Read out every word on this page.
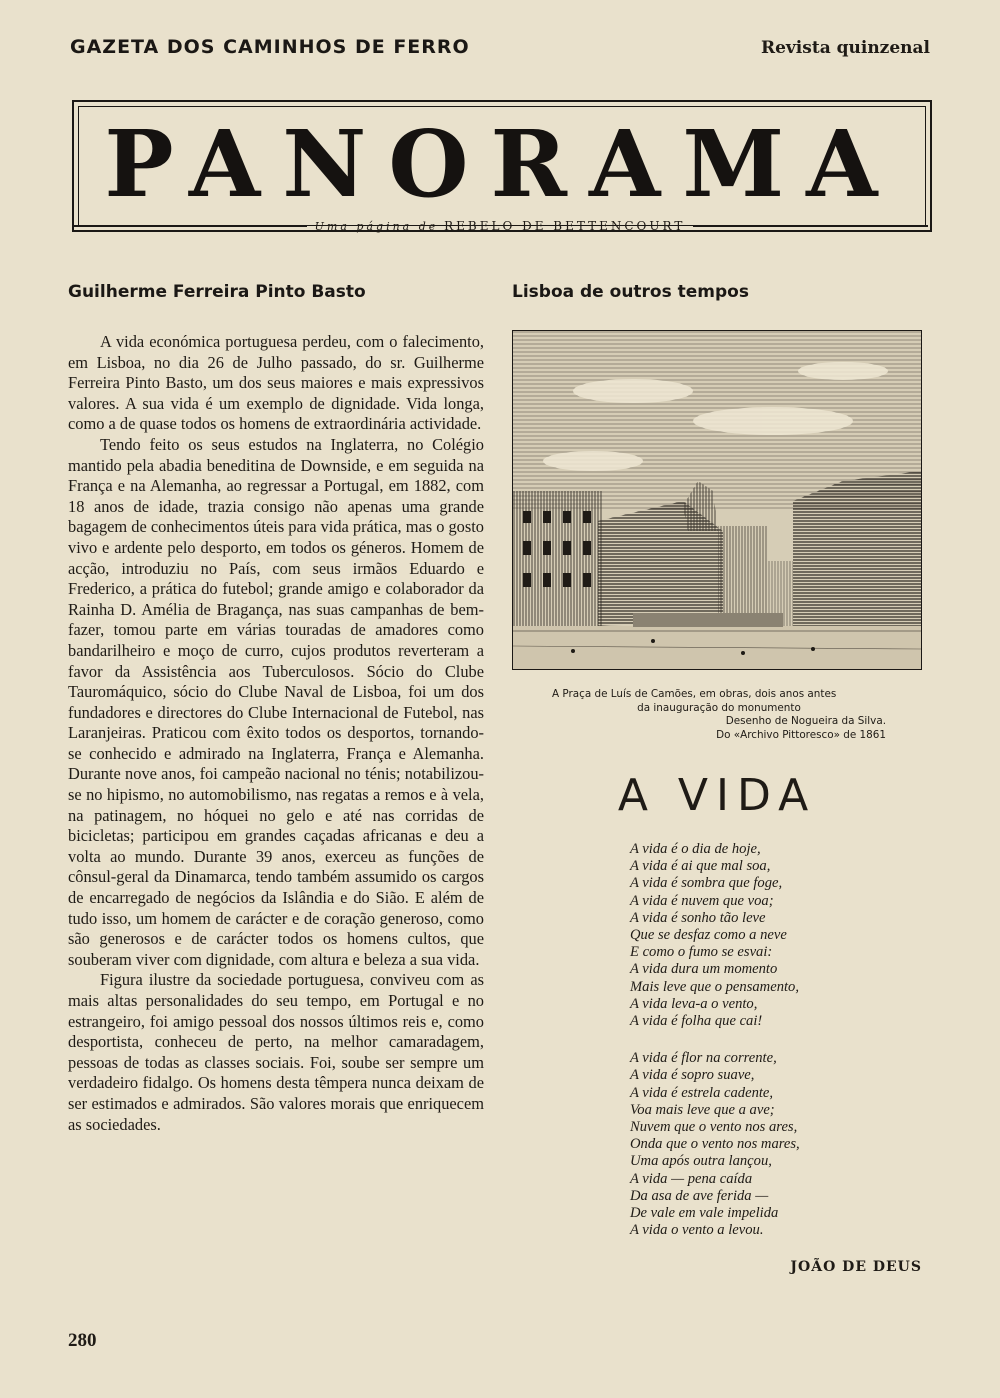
GAZETA DOS CAMINHOS DE FERRO	Revista quinzenal
PANORAMA
Uma página de REBELO DE BETTENCOURT
Guilherme Ferreira Pinto Basto

A vida económica portuguesa perdeu, com o falecimento, em Lisboa, no dia 26 de Julho passado, do sr. Guilherme Ferreira Pinto Basto, um dos seus maiores e mais expressivos valores. A sua vida é um exemplo de dignidade. Vida longa, como a de quase todos os homens de extraordinária actividade.

Tendo feito os seus estudos na Inglaterra, no Colégio mantido pela abadia beneditina de Downside, e em seguida na França e na Alemanha, ao regressar a Portugal, em 1882, com 18 anos de idade, trazia consigo não apenas uma grande bagagem de conhecimentos úteis para vida prática, mas o gosto vivo e ardente pelo desporto, em todos os géneros. Homem de acção, introduziu no País, com seus irmãos Eduardo e Frederico, a prática do futebol; grande amigo e colaborador da Rainha D. Amélia de Bragança, nas suas campanhas de bem-fazer, tomou parte em várias touradas de amadores como bandarilheiro e moço de curro, cujos produtos reverteram a favor da Assistência aos Tuberculosos. Sócio do Clube Tauromáquico, sócio do Clube Naval de Lisboa, foi um dos fundadores e directores do Clube Internacional de Futebol, nas Laranjeiras. Praticou com êxito todos os desportos, tornando-se conhecido e admirado na Inglaterra, França e Alemanha. Durante nove anos, foi campeão nacional no ténis; notabilizou-se no hipismo, no automobilismo, nas regatas a remos e à vela, na patinagem, no hóquei no gelo e até nas corridas de bicicletas; participou em grandes caçadas africanas e deu a volta ao mundo. Durante 39 anos, exerceu as funções de cônsul-geral da Dinamarca, tendo também assumido os cargos de encarregado de negócios da Islândia e do Sião. E além de tudo isso, um homem de carácter e de coração generoso, como são generosos e de carácter todos os homens cultos, que souberam viver com dignidade, com altura e beleza a sua vida.

Figura ilustre da sociedade portuguesa, conviveu com as mais altas personalidades do seu tempo, em Portugal e no estrangeiro, foi amigo pessoal dos nossos últimos reis e, como desportista, conheceu de perto, na melhor camaradagem, pessoas de todas as classes sociais. Foi, soube ser sempre um verdadeiro fidalgo. Os homens desta têmpera nunca deixam de ser estimados e admirados. São valores morais que enriquecem as sociedades.

Lisboa de outros tempos
A Praça de Luís de Camões, em obras, dois anos antes
da inauguração do monumento
Desenho de Nogueira da Silva.
Do «Archivo Pittoresco» de 1861
A VIDA
A vida é o dia de hoje,
A vida é ai que mal soa,
A vida é sombra que foge,
A vida é nuvem que voa;
A vida é sonho tão leve
Que se desfaz como a neve
E como o fumo se esvai:
A vida dura um momento
Mais leve que o pensamento,
A vida leva-a o vento,
A vida é folha que cai!
A vida é flor na corrente,
A vida é sopro suave,
A vida é estrela cadente,
Voa mais leve que a ave;
Nuvem que o vento nos ares,
Onda que o vento nos mares,
Uma após outra lançou,
A vida — pena caída
Da asa de ave ferida —
De vale em vale impelida
A vida o vento a levou.
JOÃO DE DEUS
280
